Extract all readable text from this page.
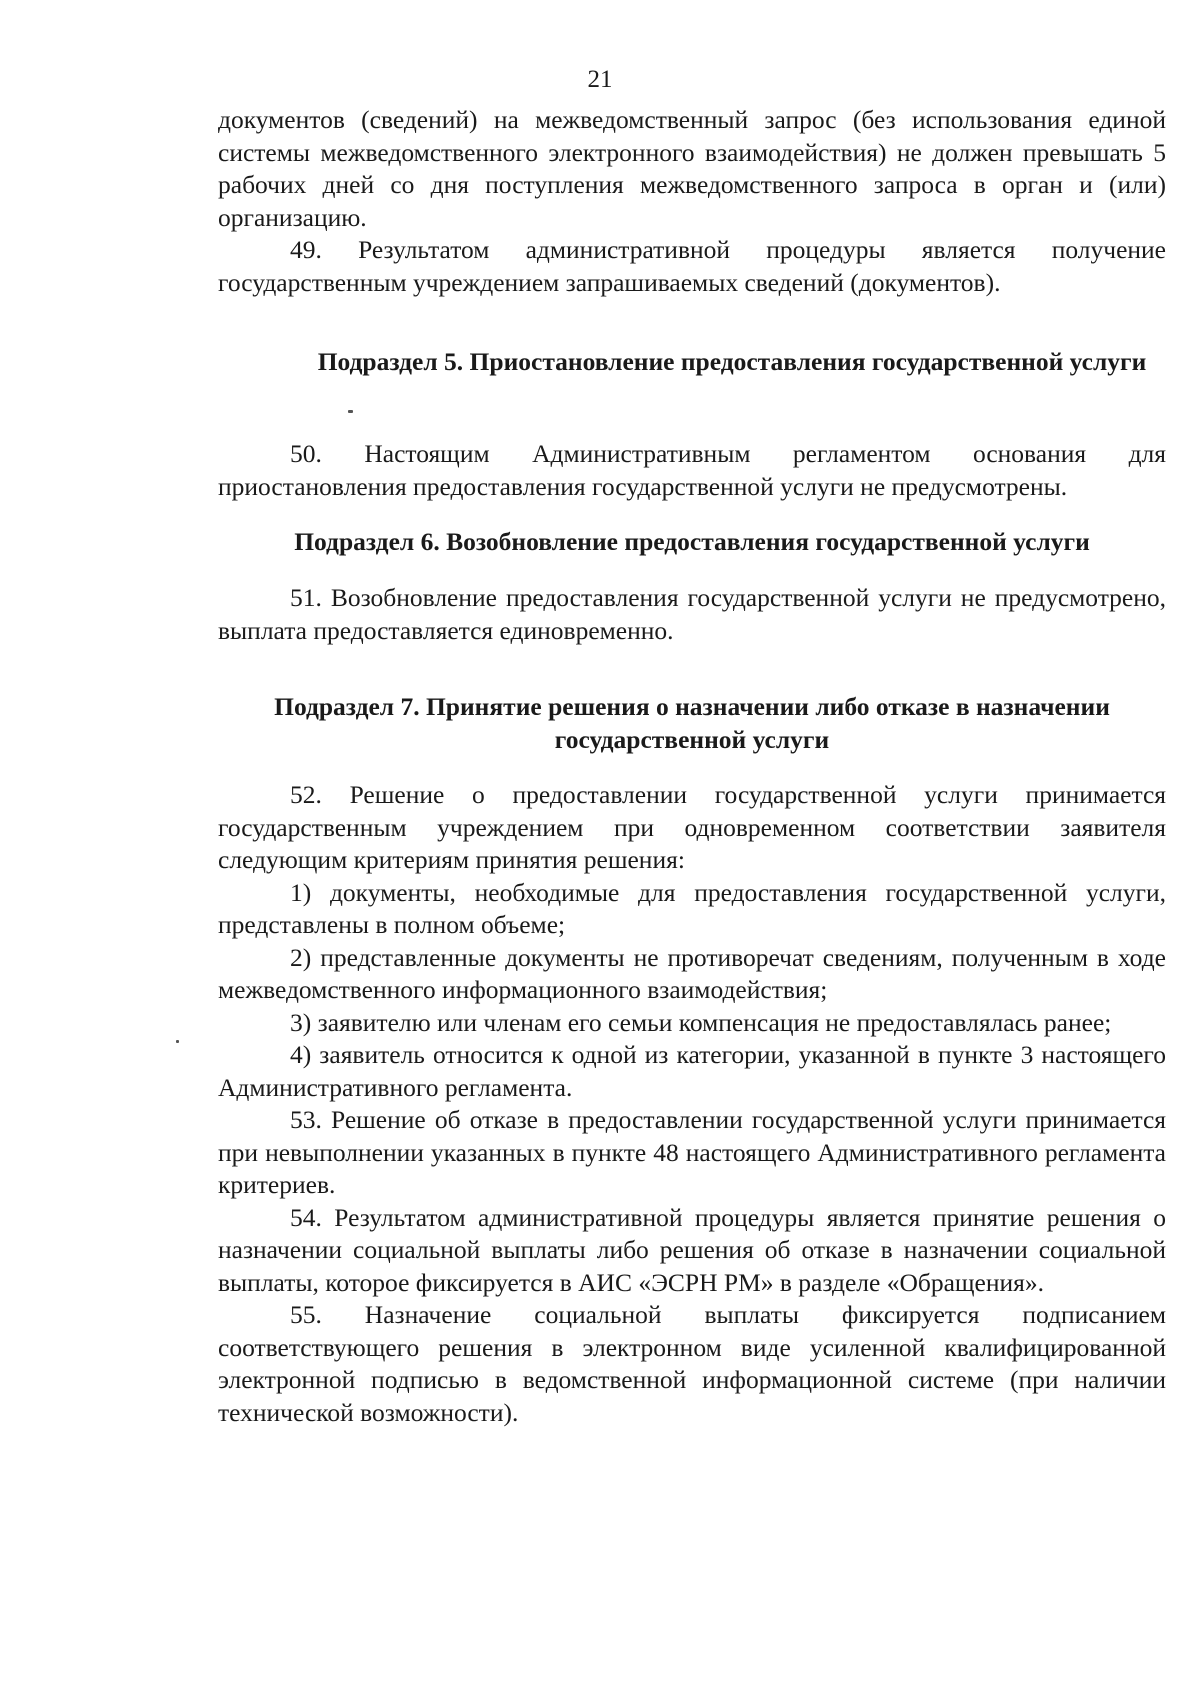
21

документов (сведений) на межведомственный запрос (без использования единой системы межведомственного электронного взаимодействия) не должен превышать 5 рабочих дней со дня поступления межведомственного запроса в орган и (или) организацию.

49. Результатом административной процедуры является получение государственным учреждением запрашиваемых сведений (документов).

Подраздел 5. Приостановление предоставления государственной услуги

50. Настоящим Административным регламентом основания для приостановления предоставления государственной услуги не предусмотрены.

Подраздел 6. Возобновление предоставления государственной услуги

51. Возобновление предоставления государственной услуги не предусмотрено, выплата предоставляется единовременно.

Подраздел 7. Принятие решения о назначении либо отказе в назначении государственной услуги

52. Решение о предоставлении государственной услуги принимается государственным учреждением при одновременном соответствии заявителя следующим критериям принятия решения:

1) документы, необходимые для предоставления государственной услуги, представлены в полном объеме;

2) представленные документы не противоречат сведениям, полученным в ходе межведомственного информационного взаимодействия;

3) заявителю или членам его семьи компенсация не предоставлялась ранее;

4) заявитель относится к одной из категории, указанной в пункте 3 настоящего Административного регламента.

53. Решение об отказе в предоставлении государственной услуги принимается при невыполнении указанных в пункте 48 настоящего Административного регламента критериев.

54. Результатом административной процедуры является принятие решения о назначении социальной выплаты либо решения об отказе в назначении социальной выплаты, которое фиксируется в АИС «ЭСРН РМ» в разделе «Обращения».

55. Назначение социальной выплаты фиксируется подписанием соответствующего решения в электронном виде усиленной квалифицированной электронной подписью в ведомственной информационной системе (при наличии технической возможности).
